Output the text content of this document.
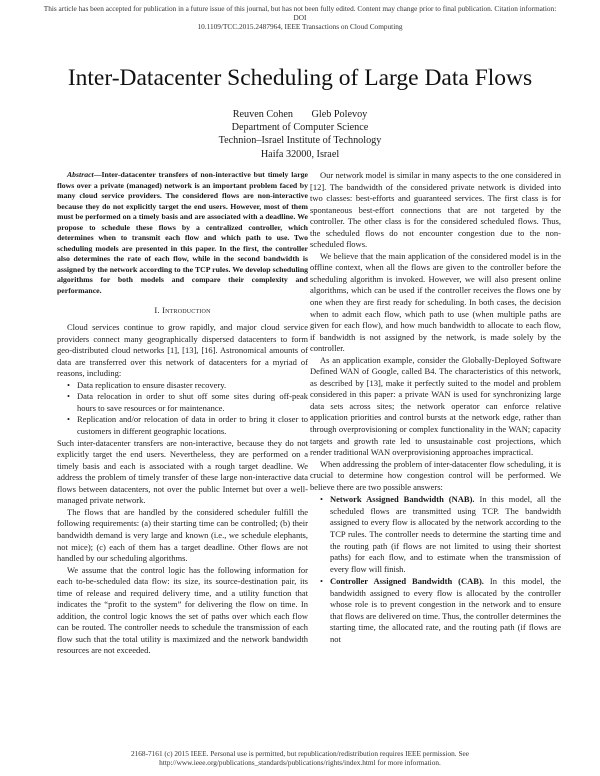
This article has been accepted for publication in a future issue of this journal, but has not been fully edited. Content may change prior to final publication. Citation information: DOI
10.1109/TCC.2015.2487964, IEEE Transactions on Cloud Computing
Inter-Datacenter Scheduling of Large Data Flows
Reuven Cohen Gleb Polevoy
Department of Computer Science
Technion–Israel Institute of Technology
Haifa 32000, Israel

Abstract—Inter-datacenter transfers of non-interactive but timely large flows over a private (managed) network is an important problem faced by many cloud service providers. The considered flows are non-interactive because they do not explicitly target the end users. However, most of them must be performed on a timely basis and are associated with a deadline. We propose to schedule these flows by a centralized controller, which determines when to transmit each flow and which path to use. Two scheduling models are presented in this paper. In the first, the controller also determines the rate of each flow, while in the second bandwidth is assigned by the network according to the TCP rules. We develop scheduling algorithms for both models and compare their complexity and performance.

I. Introduction

Cloud services continue to grow rapidly, and major cloud service providers connect many geographically dispersed datacenters to form geo-distributed cloud networks [1], [13], [16]. Astronomical amounts of data are transferred over this network of datacenters for a myriad of reasons, including:

• Data replication to ensure disaster recovery.
• Data relocation in order to shut off some sites during off-peak hours to save resources or for maintenance.
• Replication and/or relocation of data in order to bring it closer to customers in different geographic locations.

Such inter-datacenter transfers are non-interactive, because they do not explicitly target the end users. Nevertheless, they are performed on a timely basis and each is associated with a rough target deadline. We address the problem of timely transfer of these large non-interactive data flows between datacenters, not over the public Internet but over a well-managed private network.

The flows that are handled by the considered scheduler fulfill the following requirements: (a) their starting time can be controlled; (b) their bandwidth demand is very large and known (i.e., we schedule elephants, not mice); (c) each of them has a target deadline. Other flows are not handled by our scheduling algorithms.

We assume that the control logic has the following information for each to-be-scheduled data flow: its size, its source-destination pair, its time of release and required delivery time, and a utility function that indicates the “profit to the system” for delivering the flow on time. In addition, the control logic knows the set of paths over which each flow can be routed. The controller needs to schedule the transmission of each flow such that the total utility is maximized and the network bandwidth resources are not exceeded.

Our network model is similar in many aspects to the one considered in [12]. The bandwidth of the considered private network is divided into two classes: best-efforts and guaranteed services. The first class is for spontaneous best-effort connections that are not targeted by the controller. The other class is for the considered scheduled flows. Thus, the scheduled flows do not encounter congestion due to the non-scheduled flows.

We believe that the main application of the considered model is in the offline context, when all the flows are given to the controller before the scheduling algorithm is invoked. However, we will also present online algorithms, which can be used if the controller receives the flows one by one when they are first ready for scheduling. In both cases, the decision when to admit each flow, which path to use (when multiple paths are given for each flow), and how much bandwidth to allocate to each flow, if bandwidth is not assigned by the network, is made solely by the controller.

As an application example, consider the Globally-Deployed Software Defined WAN of Google, called B4. The characteristics of this network, as described by [13], make it perfectly suited to the model and problem considered in this paper: a private WAN is used for synchronizing large data sets across sites; the network operator can enforce relative application priorities and control bursts at the network edge, rather than through overprovisioning or complex functionality in the WAN; capacity targets and growth rate led to unsustainable cost projections, which render traditional WAN overprovisioning approaches impractical.

When addressing the problem of inter-datacenter flow scheduling, it is crucial to determine how congestion control will be performed. We believe there are two possible answers:

• Network Assigned Bandwidth (NAB). In this model, all the scheduled flows are transmitted using TCP. The bandwidth assigned to every flow is allocated by the network according to the TCP rules. The controller needs to determine the starting time and the routing path (if flows are not limited to using their shortest paths) for each flow, and to estimate when the transmission of every flow will finish.
• Controller Assigned Bandwidth (CAB). In this model, the bandwidth assigned to every flow is allocated by the controller whose role is to prevent congestion in the network and to ensure that flows are delivered on time. Thus, the controller determines the starting time, the allocated rate, and the routing path (if flows are not
2168-7161 (c) 2015 IEEE. Personal use is permitted, but republication/redistribution requires IEEE permission. See
http://www.ieee.org/publications_standards/publications/rights/index.html for more information.
